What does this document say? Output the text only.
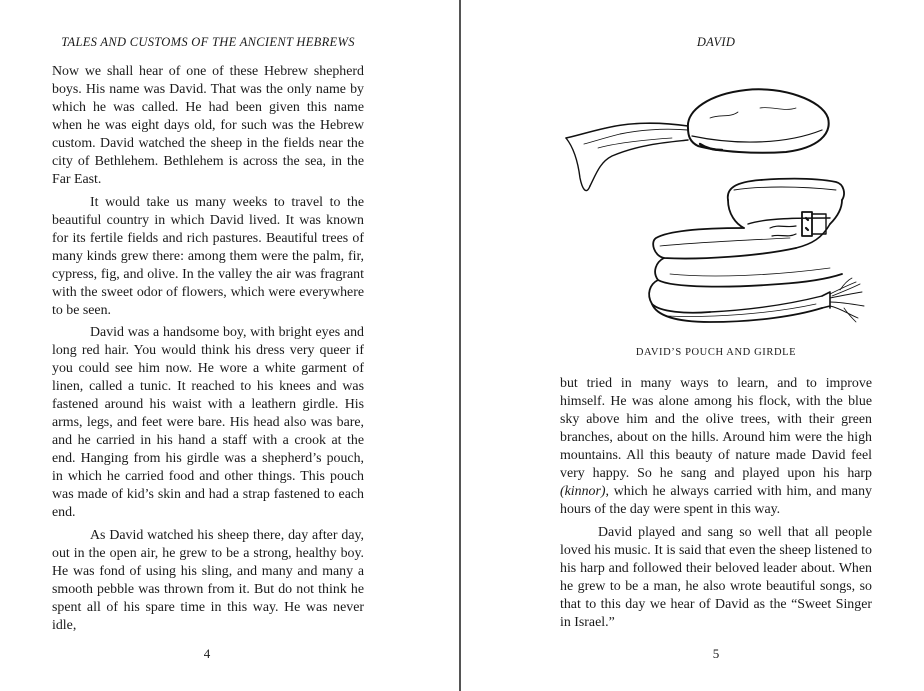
TALES AND CUSTOMS OF THE ANCIENT HEBREWS

Now we shall hear of one of these Hebrew shepherd boys. His name was David. That was the only name by which he was called. He had been given this name when he was eight days old, for such was the Hebrew custom. David watched the sheep in the fields near the city of Bethlehem. Bethlehem is across the sea, in the Far East.

It would take us many weeks to travel to the beautiful country in which David lived. It was known for its fertile fields and rich pastures. Beautiful trees of many kinds grew there: among them were the palm, fir, cypress, fig, and olive. In the valley the air was fragrant with the sweet odor of flowers, which were everywhere to be seen.

David was a handsome boy, with bright eyes and long red hair. You would think his dress very queer if you could see him now. He wore a white garment of linen, called a tunic. It reached to his knees and was fastened around his waist with a leathern girdle. His arms, legs, and feet were bare. His head also was bare, and he carried in his hand a staff with a crook at the end. Hanging from his girdle was a shepherd’s pouch, in which he carried food and other things. This pouch was made of kid’s skin and had a strap fastened to each end.

As David watched his sheep there, day after day, out in the open air, he grew to be a strong, healthy boy. He was fond of using his sling, and many and many a smooth pebble was thrown from it. But do not think he spent all of his spare time in this way. He was never idle,

4
DAVID
DAVID’S POUCH AND GIRDLE

but tried in many ways to learn, and to improve himself. He was alone among his flock, with the blue sky above him and the olive trees, with their green branches, about on the hills. Around him were the high mountains. All this beauty of nature made David feel very happy. So he sang and played upon his harp (kinnor), which he always carried with him, and many hours of the day were spent in this way.

David played and sang so well that all people loved his music. It is said that even the sheep listened to his harp and followed their beloved leader about. When he grew to be a man, he also wrote beautiful songs, so that to this day we hear of David as the “Sweet Singer in Israel.”

5
